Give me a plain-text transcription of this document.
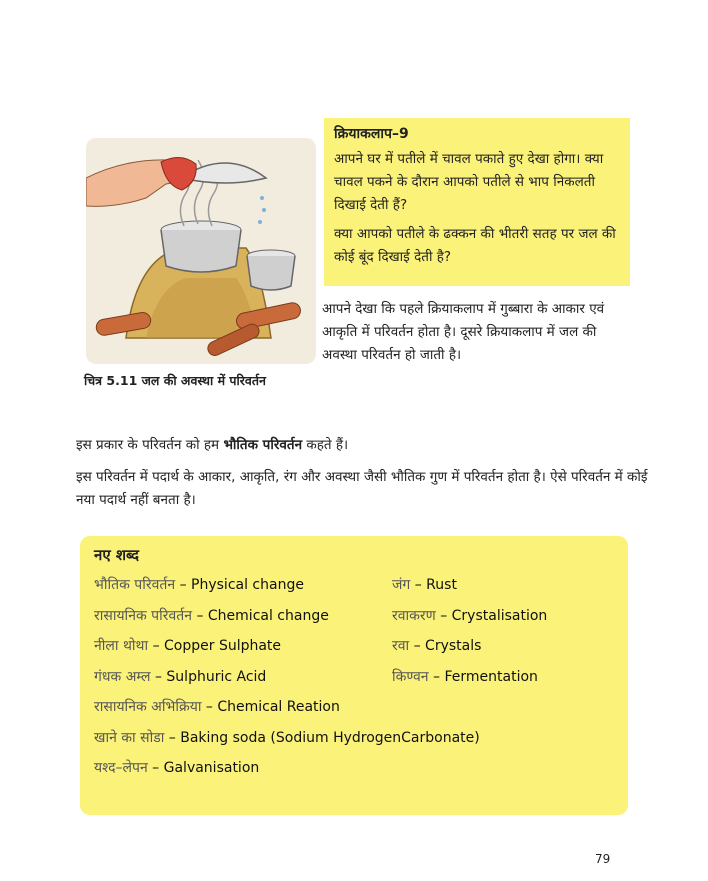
क्रियाकलाप–9

आपने घर में पतीले में चावल पकाते हुए देखा होगा। क्या चावल पकने के दौरान आपको पतीले से भाप निकलती दिखाई देती हैं?

क्या आपको पतीले के ढक्कन की भीतरी सतह पर जल की कोई बूंद दिखाई देती है?

चित्र 5.11 जल की अवस्था में परिवर्तन

आपने देखा कि पहले क्रियाकलाप में गुब्बारा के आकार एवं आकृति में परिवर्तन होता है। दूसरे क्रियाकलाप में जल की अवस्था परिवर्तन हो जाती है।

इस प्रकार के परिवर्तन को हम भौतिक परिवर्तन कहते हैं।

इस परिवर्तन में पदार्थ के आकार, आकृति, रंग और अवस्था जैसी भौतिक गुण में परिवर्तन होता है। ऐसे परिवर्तन में कोई नया पदार्थ नहीं बनता है।

नए शब्द
भौतिक परिवर्तन – Physical change	जंग – Rust
रासायनिक परिवर्तन – Chemical change	रवाकरण – Crystalisation
नीला थोथा – Copper Sulphate	रवा – Crystals
गंधक अम्ल – Sulphuric Acid	किण्वन – Fermentation
रासायनिक अभिक्रिया – Chemical Reation
खाने का सोडा – Baking soda (Sodium HydrogenCarbonate)
यश्द–लेपन – Galvanisation
79
